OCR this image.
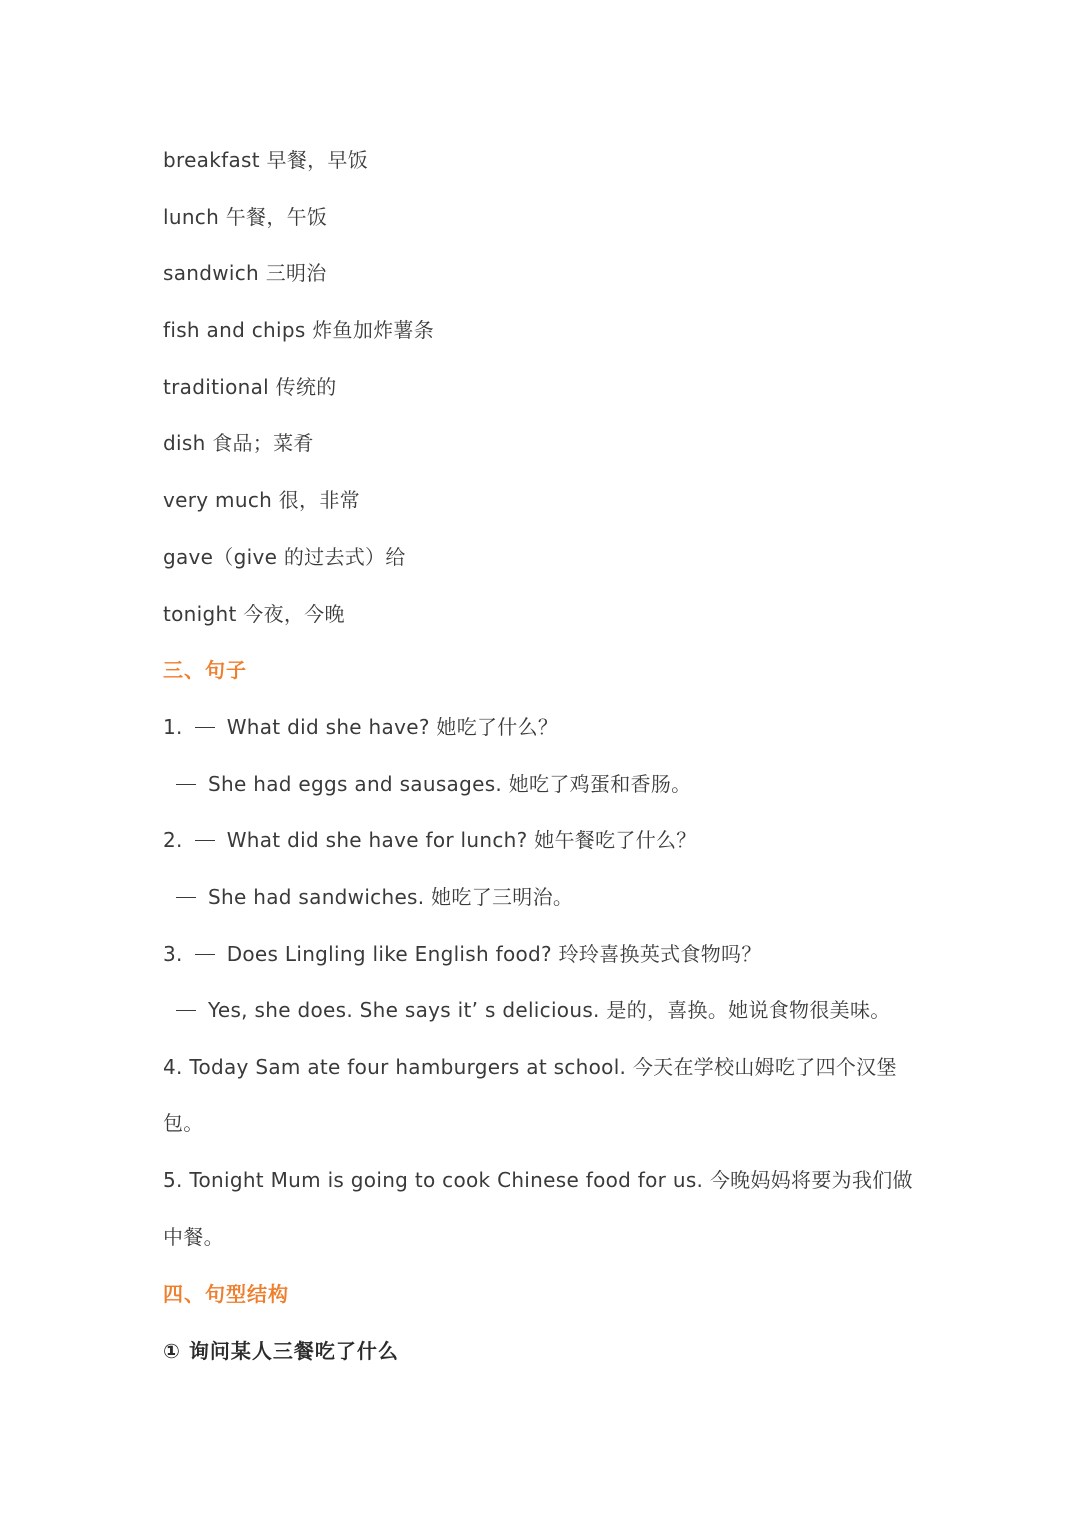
breakfast 早餐，早饭
lunch 午餐，午饭
sandwich 三明治
fish and chips 炸鱼加炸薯条
traditional 传统的
dish 食品；菜肴
very much 很，非常
gave（give 的过去式）给
tonight 今夜，今晚
三、句子
1. What did she have? 她吃了什么？
She had eggs and sausages. 她吃了鸡蛋和香肠。
2. What did she have for lunch? 她午餐吃了什么？
She had sandwiches. 她吃了三明治。
3. Does Lingling like English food? 玲玲喜换英式食物吗？
Yes, she does. She says it’ s delicious. 是的，喜换。她说食物很美味。
4. Today Sam ate four hamburgers at school. 今天在学校山姆吃了四个汉堡包。
5. Tonight Mum is going to cook Chinese food for us. 今晚妈妈将要为我们做中餐。
四、句型结构
① 询问某人三餐吃了什么
